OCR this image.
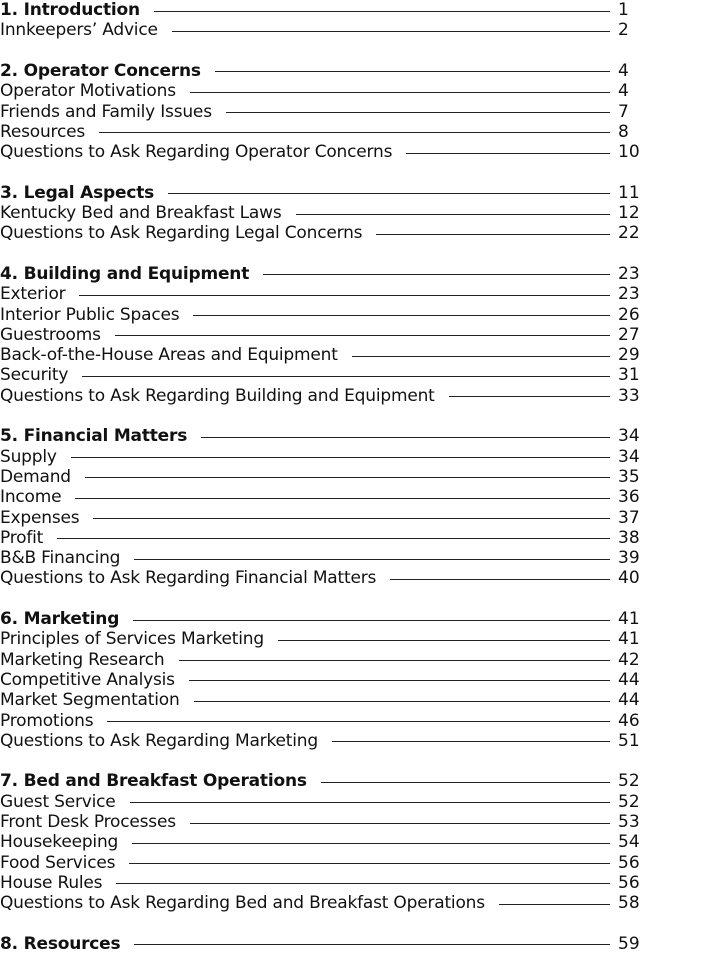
1. Introduction	1
Innkeepers’ Advice	2
2. Operator Concerns	4
Operator Motivations	4
Friends and Family Issues	7
Resources	8
Questions to Ask Regarding Operator Concerns	10
3. Legal Aspects	11
Kentucky Bed and Breakfast Laws	12
Questions to Ask Regarding Legal Concerns	22
4. Building and Equipment	23
Exterior	23
Interior Public Spaces	26
Guestrooms	27
Back-of-the-House Areas and Equipment	29
Security	31
Questions to Ask Regarding Building and Equipment	33
5. Financial Matters	34
Supply	34
Demand	35
Income	36
Expenses	37
Profit	38
B&B Financing	39
Questions to Ask Regarding Financial Matters	40
6. Marketing	41
Principles of Services Marketing	41
Marketing Research	42
Competitive Analysis	44
Market Segmentation	44
Promotions	46
Questions to Ask Regarding Marketing	51
7. Bed and Breakfast Operations	52
Guest Service	52
Front Desk Processes	53
Housekeeping	54
Food Services	56
House Rules	56
Questions to Ask Regarding Bed and Breakfast Operations	58
8. Resources	59
